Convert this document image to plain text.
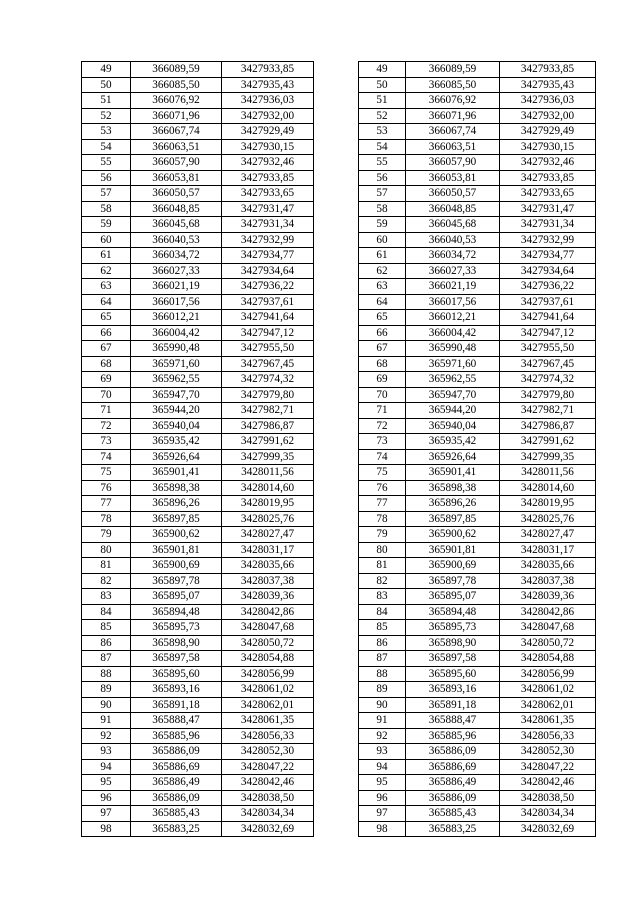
49	366089,59	3427933,85		49	366089,59	3427933,85
50	366085,50	3427935,43		50	366085,50	3427935,43
51	366076,92	3427936,03		51	366076,92	3427936,03
52	366071,96	3427932,00		52	366071,96	3427932,00
53	366067,74	3427929,49		53	366067,74	3427929,49
54	366063,51	3427930,15		54	366063,51	3427930,15
55	366057,90	3427932,46		55	366057,90	3427932,46
56	366053,81	3427933,85		56	366053,81	3427933,85
57	366050,57	3427933,65		57	366050,57	3427933,65
58	366048,85	3427931,47		58	366048,85	3427931,47
59	366045,68	3427931,34		59	366045,68	3427931,34
60	366040,53	3427932,99		60	366040,53	3427932,99
61	366034,72	3427934,77		61	366034,72	3427934,77
62	366027,33	3427934,64		62	366027,33	3427934,64
63	366021,19	3427936,22		63	366021,19	3427936,22
64	366017,56	3427937,61		64	366017,56	3427937,61
65	366012,21	3427941,64		65	366012,21	3427941,64
66	366004,42	3427947,12		66	366004,42	3427947,12
67	365990,48	3427955,50		67	365990,48	3427955,50
68	365971,60	3427967,45		68	365971,60	3427967,45
69	365962,55	3427974,32		69	365962,55	3427974,32
70	365947,70	3427979,80		70	365947,70	3427979,80
71	365944,20	3427982,71		71	365944,20	3427982,71
72	365940,04	3427986,87		72	365940,04	3427986,87
73	365935,42	3427991,62		73	365935,42	3427991,62
74	365926,64	3427999,35		74	365926,64	3427999,35
75	365901,41	3428011,56		75	365901,41	3428011,56
76	365898,38	3428014,60		76	365898,38	3428014,60
77	365896,26	3428019,95		77	365896,26	3428019,95
78	365897,85	3428025,76		78	365897,85	3428025,76
79	365900,62	3428027,47		79	365900,62	3428027,47
80	365901,81	3428031,17		80	365901,81	3428031,17
81	365900,69	3428035,66		81	365900,69	3428035,66
82	365897,78	3428037,38		82	365897,78	3428037,38
83	365895,07	3428039,36		83	365895,07	3428039,36
84	365894,48	3428042,86		84	365894,48	3428042,86
85	365895,73	3428047,68		85	365895,73	3428047,68
86	365898,90	3428050,72		86	365898,90	3428050,72
87	365897,58	3428054,88		87	365897,58	3428054,88
88	365895,60	3428056,99		88	365895,60	3428056,99
89	365893,16	3428061,02		89	365893,16	3428061,02
90	365891,18	3428062,01		90	365891,18	3428062,01
91	365888,47	3428061,35		91	365888,47	3428061,35
92	365885,96	3428056,33		92	365885,96	3428056,33
93	365886,09	3428052,30		93	365886,09	3428052,30
94	365886,69	3428047,22		94	365886,69	3428047,22
95	365886,49	3428042,46		95	365886,49	3428042,46
96	365886,09	3428038,50		96	365886,09	3428038,50
97	365885,43	3428034,34		97	365885,43	3428034,34
98	365883,25	3428032,69		98	365883,25	3428032,69
